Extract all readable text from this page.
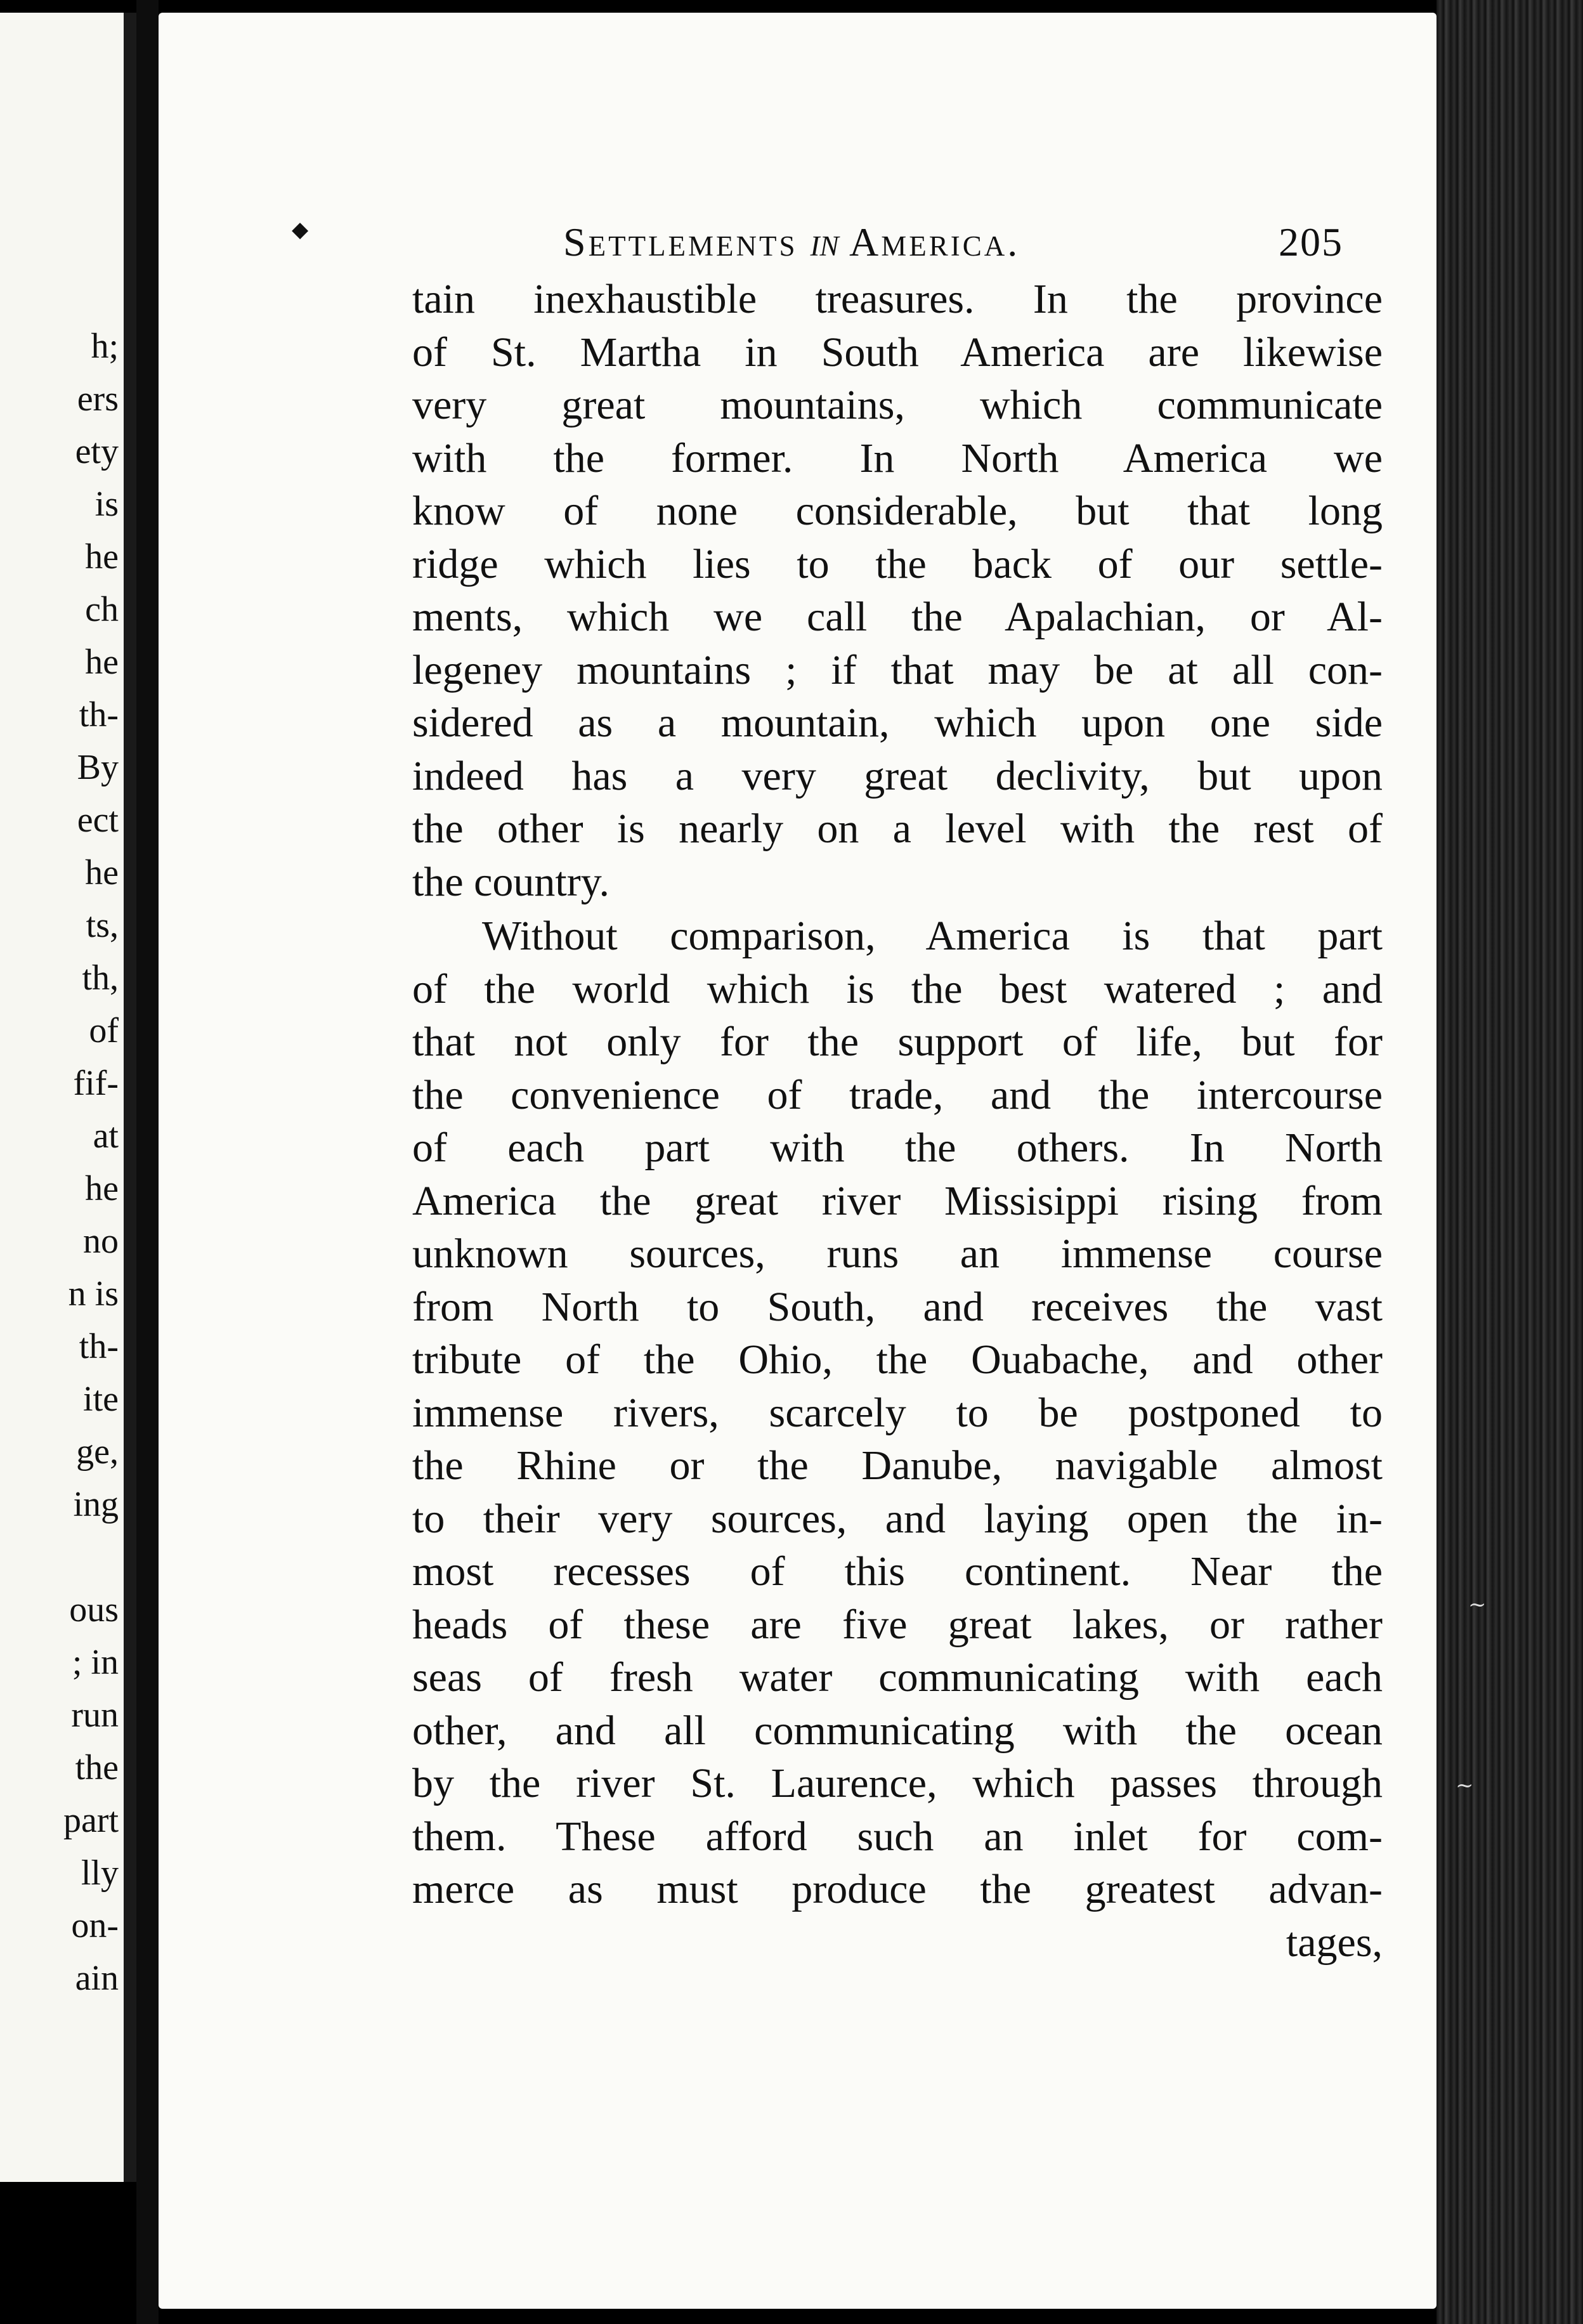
h;
ers
ety
is
he
ch
he
th-
By
ect
he
ts,
th,
of
fif-
at
he
no
n is
th-
ite
ge,
ing
ous
; in
run
the
part
lly
on-
ain
◆	Settlements in America.	205
tain inexhaustible treasures. In the province
of St. Martha in South America are likewise
very great mountains, which communicate
with the former. In North America we
know of none considerable, but that long
ridge which lies to the back of our settle-
ments, which we call the Apalachian, or Al-
legeney mountains ; if that may be at all con-
sidered as a mountain, which upon one side
indeed has a very great declivity, but upon
the other is nearly on a level with the rest of
the country.
Without comparison, America is that part
of the world which is the best watered ; and
that not only for the support of life, but for
the convenience of trade, and the intercourse
of each part with the others. In North
America the great river Missisippi rising from
unknown sources, runs an immense course
from North to South, and receives the vast
tribute of the Ohio, the Ouabache, and other
immense rivers, scarcely to be postponed to
the Rhine or the Danube, navigable almost
to their very sources, and laying open the in-
most recesses of this continent. Near the
heads of these are five great lakes, or rather
seas of fresh water communicating with each
other, and all communicating with the ocean
by the river St. Laurence, which passes through
them. These afford such an inlet for com-
merce as must produce the greatest advan-
tages,
~
~
